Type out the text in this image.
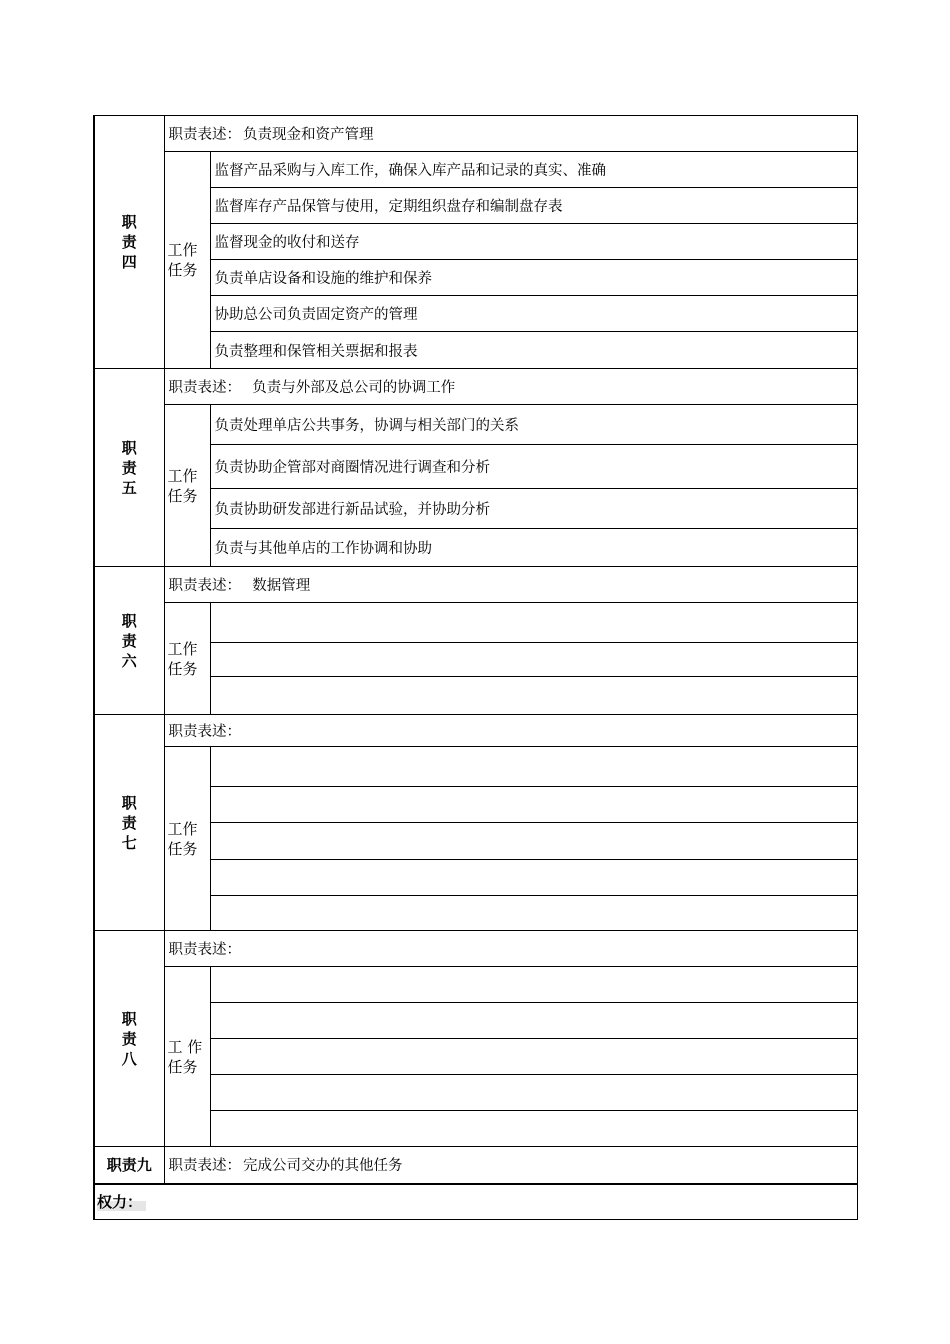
职
责
四	职责表述： 负责现金和资产管理	

	工作
任务	监督产品采购与入库工作，确保入库产品和记录的真实、准确
		监督库存产品保管与使用，定期组织盘存和编制盘存表
		监督现金的收付和送存
		负责单店设备和设施的维护和保养
		协助总公司负责固定资产的管理
		负责整理和保管相关票据和报表

职
责
五	职责表述：  负责与外部及总公司的协调工作	

	工作
任务	负责处理单店公共事务，协调与相关部门的关系
		负责协助企管部对商圈情况进行调查和分析
		负责协助研发部进行新品试验，并协助分析
		负责与其他单店的工作协调和协助

职
责
六	职责表述：  数据管理	

	工作
任务	

职
责
七	职责表述：	

	工作
任务	

职
责
八	职责表述：	

	工 作
任务	

职责九	职责表述： 完成公司交办的其他任务	
权力：		
